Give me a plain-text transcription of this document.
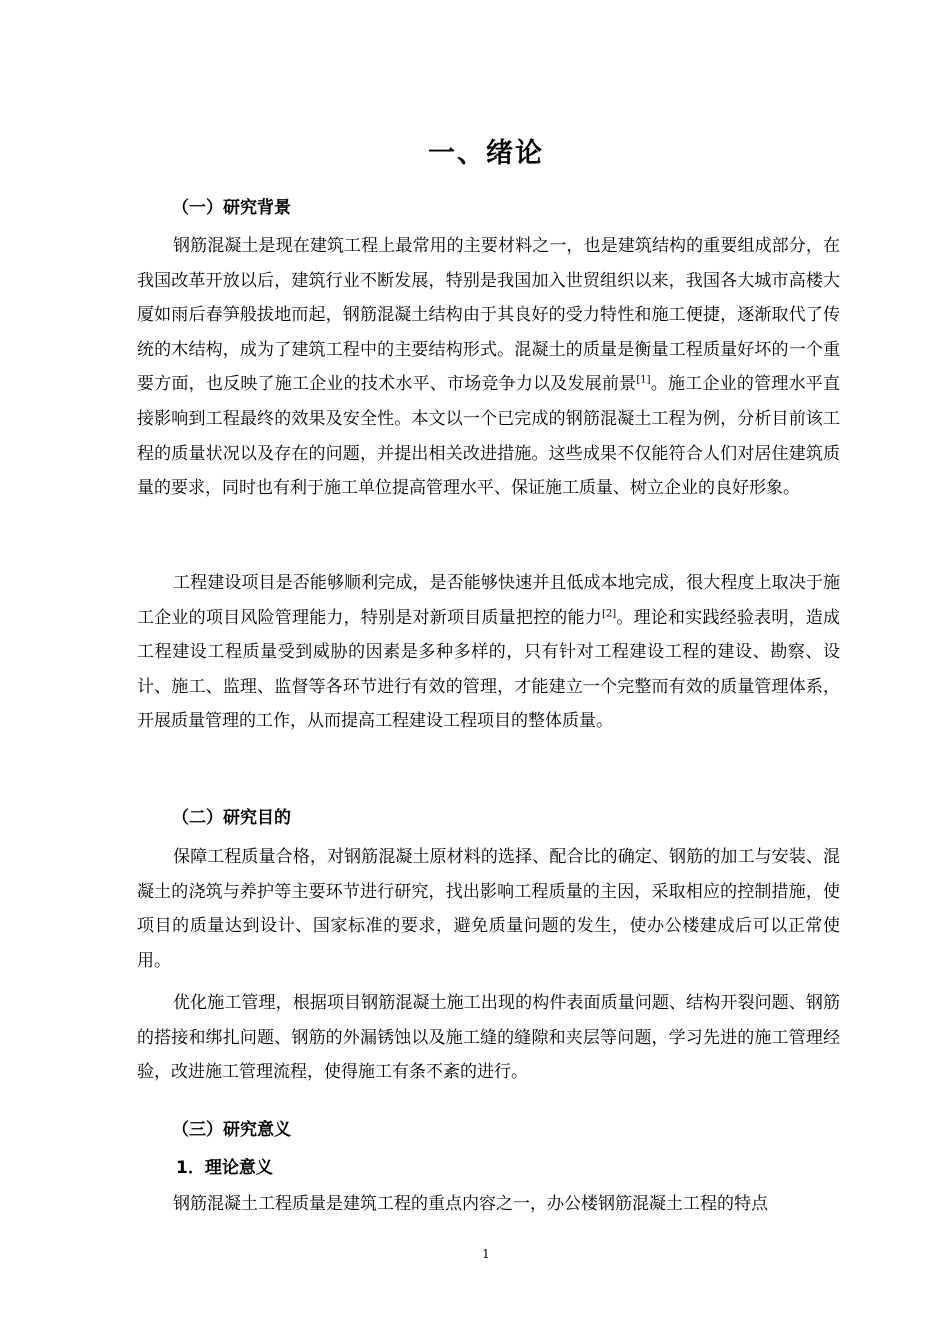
一、绪论
（一）研究背景

钢筋混凝土是现在建筑工程上最常用的主要材料之一，也是建筑结构的重要组成部分，在我国改革开放以后，建筑行业不断发展，特别是我国加入世贸组织以来，我国各大城市高楼大厦如雨后春笋般拔地而起，钢筋混凝土结构由于其良好的受力特性和施工便捷，逐渐取代了传统的木结构，成为了建筑工程中的主要结构形式。混凝土的质量是衡量工程质量好坏的一个重要方面，也反映了施工企业的技术水平、市场竞争力以及发展前景[1]。施工企业的管理水平直接影响到工程最终的效果及安全性。本文以一个已完成的钢筋混凝土工程为例，分析目前该工程的质量状况以及存在的问题，并提出相关改进措施。这些成果不仅能符合人们对居住建筑质量的要求，同时也有利于施工单位提高管理水平、保证施工质量、树立企业的良好形象。

工程建设项目是否能够顺利完成，是否能够快速并且低成本地完成，很大程度上取决于施工企业的项目风险管理能力，特别是对新项目质量把控的能力[2]。理论和实践经验表明，造成工程建设工程质量受到威胁的因素是多种多样的，只有针对工程建设工程的建设、勘察、设计、施工、监理、监督等各环节进行有效的管理，才能建立一个完整而有效的质量管理体系，开展质量管理的工作，从而提高工程建设工程项目的整体质量。

（二）研究目的

保障工程质量合格，对钢筋混凝土原材料的选择、配合比的确定、钢筋的加工与安装、混凝土的浇筑与养护等主要环节进行研究，找出影响工程质量的主因，采取相应的控制措施，使项目的质量达到设计、国家标准的要求，避免质量问题的发生，使办公楼建成后可以正常使用。

优化施工管理，根据项目钢筋混凝土施工出现的构件表面质量问题、结构开裂问题、钢筋的搭接和绑扎问题、钢筋的外漏锈蚀以及施工缝的缝隙和夹层等问题，学习先进的施工管理经验，改进施工管理流程，使得施工有条不紊的进行。

（三）研究意义
1．理论意义

钢筋混凝土工程质量是建筑工程的重点内容之一，办公楼钢筋混凝土工程的特点

1
